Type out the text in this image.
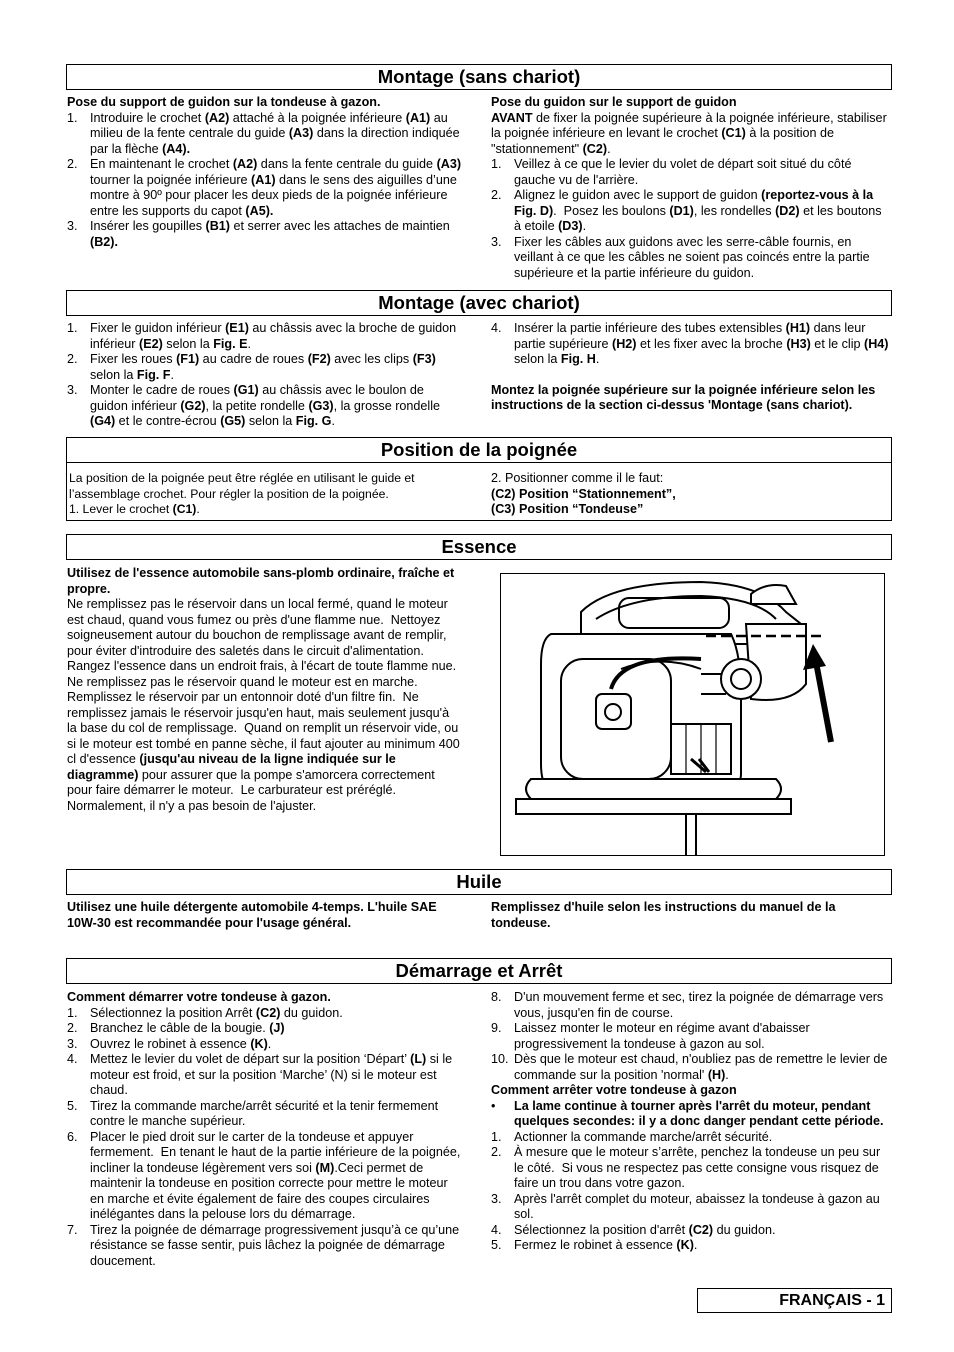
Montage (sans chariot)

Pose du support de guidon sur la tondeuse à gazon.

1. Introduire le crochet (A2) attaché à la poignée inférieure (A1) au milieu de la fente centrale du guide (A3) dans la direction indiquée par la flèche (A4).
2. En maintenant le crochet (A2) dans la fente centrale du guide (A3) tourner la poignée inférieure (A1) dans le sens des aiguilles d’une montre à 90º pour placer les deux pieds de la poignée inférieure entre les supports du capot (A5).
3. Insérer les goupilles (B1) et serrer avec les attaches de maintien (B2).

Pose du guidon sur le support de guidon

AVANT de fixer la poignée supérieure à la poignée inférieure, stabiliser la poignée inférieure en levant le crochet (C1) à la position de "stationnement" (C2).

1. Veillez à ce que le levier du volet de départ soit situé du côté gauche vu de l'arrière.
2. Alignez le guidon avec le support de guidon (reportez-vous à la Fig. D).  Posez les boulons (D1), les rondelles (D2) et les boutons à etoile (D3).
3. Fixer les câbles aux guidons avec les serre-câble fournis, en veillant à ce que les câbles ne soient pas coincés entre la partie supérieure et la partie inférieure du guidon.
Montage (avec chariot)
1. Fixer le guidon inférieur (E1) au châssis avec la broche de guidon inférieur (E2) selon la Fig. E.
2. Fixer les roues (F1) au cadre de roues (F2) avec les clips (F3) selon la Fig. F.
3. Monter le cadre de roues (G1) au châssis avec le boulon de guidon inférieur (G2), la petite rondelle (G3), la grosse rondelle (G4) et le contre-écrou (G5) selon la Fig. G.
4. Insérer la partie inférieure des tubes extensibles (H1) dans leur partie supérieure (H2) et les fixer avec la broche (H3) et le clip (H4) selon la Fig. H.

Montez la poignée supérieure sur la poignée inférieure selon les instructions de la section ci-dessus 'Montage (sans chariot).

Position de la poignée

La position de la poignée peut être réglée en utilisant le guide et l’assemblage crochet. Pour régler la position de la poignée.

1. Lever le crochet (C1).

2. Positionner comme il le faut:

(C2) Position “Stationnement”,

(C3) Position “Tondeuse”

Essence

Utilisez de l'essence automobile sans-plomb ordinaire, fraîche et propre.

Ne remplissez pas le réservoir dans un local fermé, quand le moteur est chaud, quand vous fumez ou près d'une flamme nue.  Nettoyez soigneusement autour du bouchon de remplissage avant de remplir, pour éviter d'introduire des saletés dans le circuit d'alimentation. Rangez l'essence dans un endroit frais, à l'écart de toute flamme nue.  Ne remplissez pas le réservoir quand le moteur est en marche. Remplissez le réservoir par un entonnoir doté d'un filtre fin.  Ne remplissez jamais le réservoir jusqu'en haut, mais seulement jusqu'à la base du col de remplissage.  Quand on remplit un réservoir vide, ou si le moteur est tombé en panne sèche, il faut ajouter au minimum 400 cl d'essence (jusqu'au niveau de la ligne indiquée sur le diagramme) pour assurer que la pompe s'amorcera correctement pour faire démarrer le moteur.  Le carburateur est préréglé. Normalement, il n'y a pas besoin de l'ajuster.

Huile
Utilisez une huile détergente automobile 4-temps. L'huile SAE 10W-30 est recommandée pour l'usage général.
Remplissez d'huile selon les instructions du manuel de la tondeuse.
Démarrage et Arrêt

Comment démarrer votre tondeuse à gazon.

1. Sélectionnez la position Arrêt (C2) du guidon.
2. Branchez le câble de la bougie. (J)
3. Ouvrez le robinet à essence (K).
4. Mettez le levier du volet de départ sur la position ‘Départ’ (L) si le moteur est froid, et sur la position ‘Marche’ (N) si le moteur est chaud.
5. Tirez la commande marche/arrêt sécurité et la tenir fermement contre le manche supérieur.
6. Placer le pied droit sur le carter de la tondeuse et appuyer fermement.  En tenant le haut de la partie inférieure de la poignée, incliner la tondeuse légèrement vers soi (M).Ceci permet de maintenir la tondeuse en position correcte pour mettre le moteur en marche et évite également de faire des coupes circulaires inélégantes dans la pelouse lors du démarrage.
7. Tirez la poignée de démarrage progressivement jusqu’à ce qu’une résistance se fasse sentir, puis lâchez la poignée de démarrage doucement.
8. D'un mouvement ferme et sec, tirez la poignée de démarrage vers vous, jusqu'en fin de course.
9. Laissez monter le moteur en régime avant d'abaisser progressivement la tondeuse à gazon au sol.
10. Dès que le moteur est chaud, n'oubliez pas de remettre le levier de commande sur la position 'normal' (H).

Comment arrêter votre tondeuse à gazon

• La lame continue à tourner après l'arrêt du moteur, pendant quelques secondes: il y a donc danger pendant cette période.
1. Actionner la commande marche/arrêt sécurité.
2. À mesure que le moteur s’arrête, penchez la tondeuse un peu sur le côté.  Si vous ne respectez pas cette consigne vous risquez de faire un trou dans votre gazon.
3. Après l'arrêt complet du moteur, abaissez la tondeuse à gazon au sol.
4. Sélectionnez la position d'arrêt (C2) du guidon.
5. Fermez le robinet à essence (K).
FRANÇAIS - 1
